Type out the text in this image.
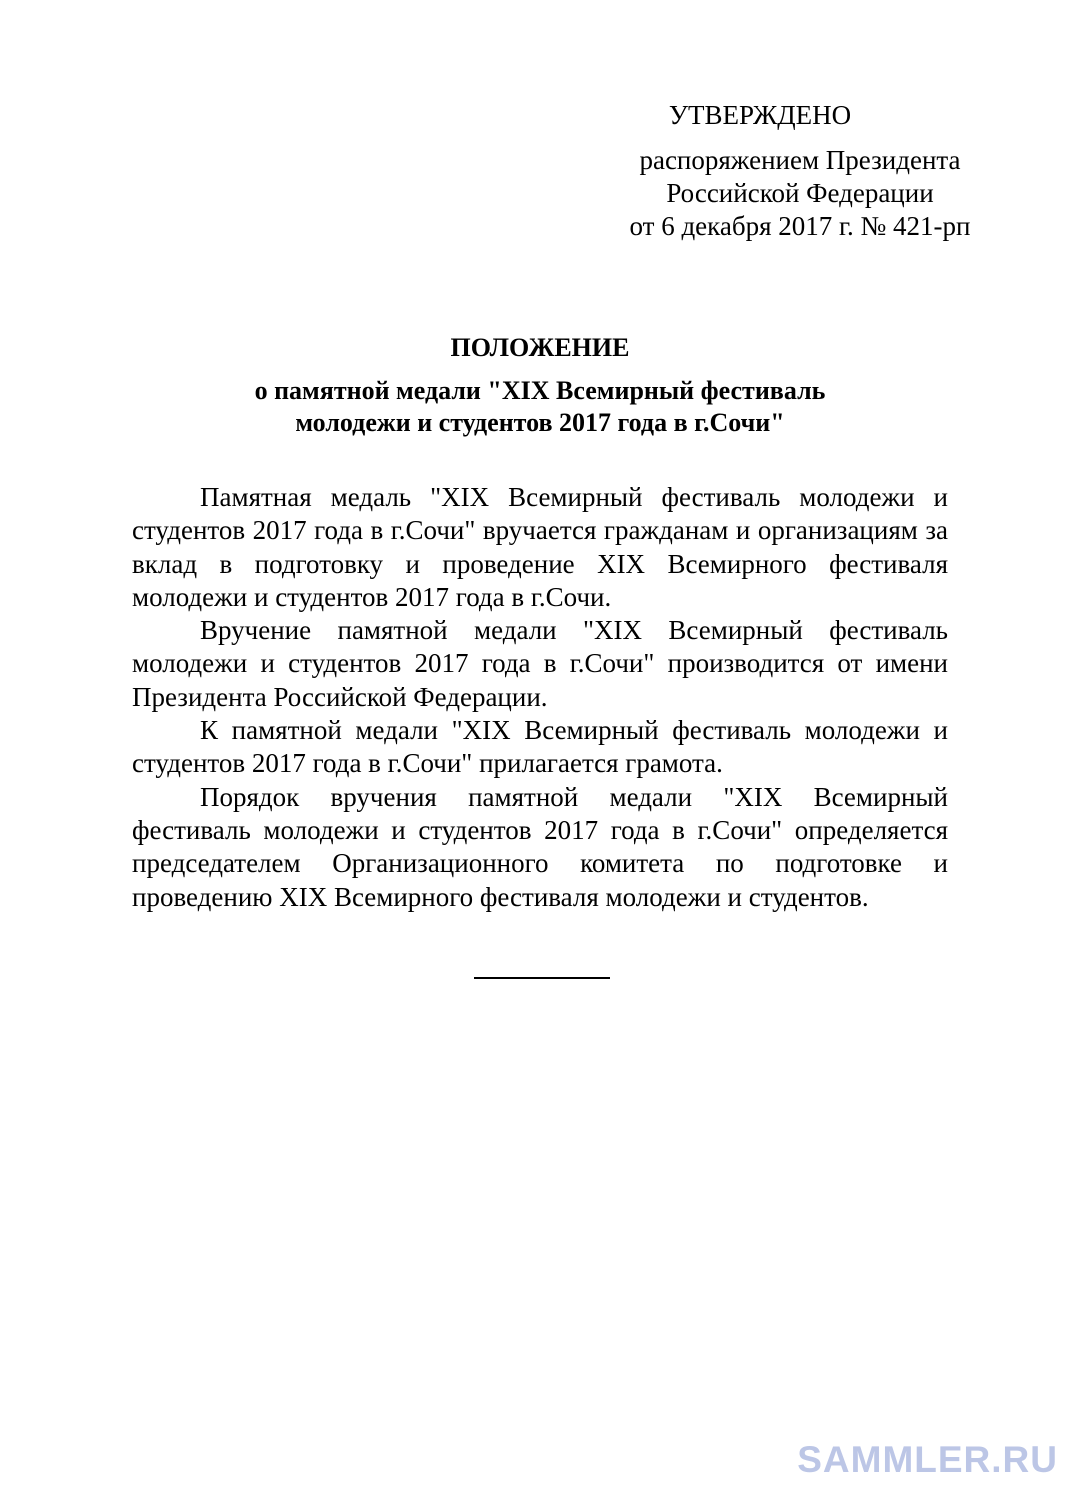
УТВЕРЖДЕНО
распоряжением Президента
Российской Федерации
от 6 декабря 2017 г. № 421-рп
ПОЛОЖЕНИЕ
о памятной медали "XIX Всемирный фестиваль
молодежи и студентов 2017 года в г.Сочи"

Памятная медаль "XIX Всемирный фестиваль молодежи и студентов 2017 года в г.Сочи" вручается гражданам и организациям за вклад в подготовку и проведение XIX Всемирного фестиваля молодежи и студентов 2017 года в г.Сочи.

Вручение памятной медали "XIX Всемирный фестиваль молодежи и студентов 2017 года в г.Сочи" производится от имени Президента Российской Федерации.

К памятной медали "XIX Всемирный фестиваль молодежи и студентов 2017 года в г.Сочи" прилагается грамота.

Порядок вручения памятной медали "XIX Всемирный фестиваль молодежи и студентов 2017 года в г.Сочи" определяется председателем Организационного комитета по подготовке и проведению XIX Всемирного фестиваля молодежи и студентов.

SAMMLER.RU
